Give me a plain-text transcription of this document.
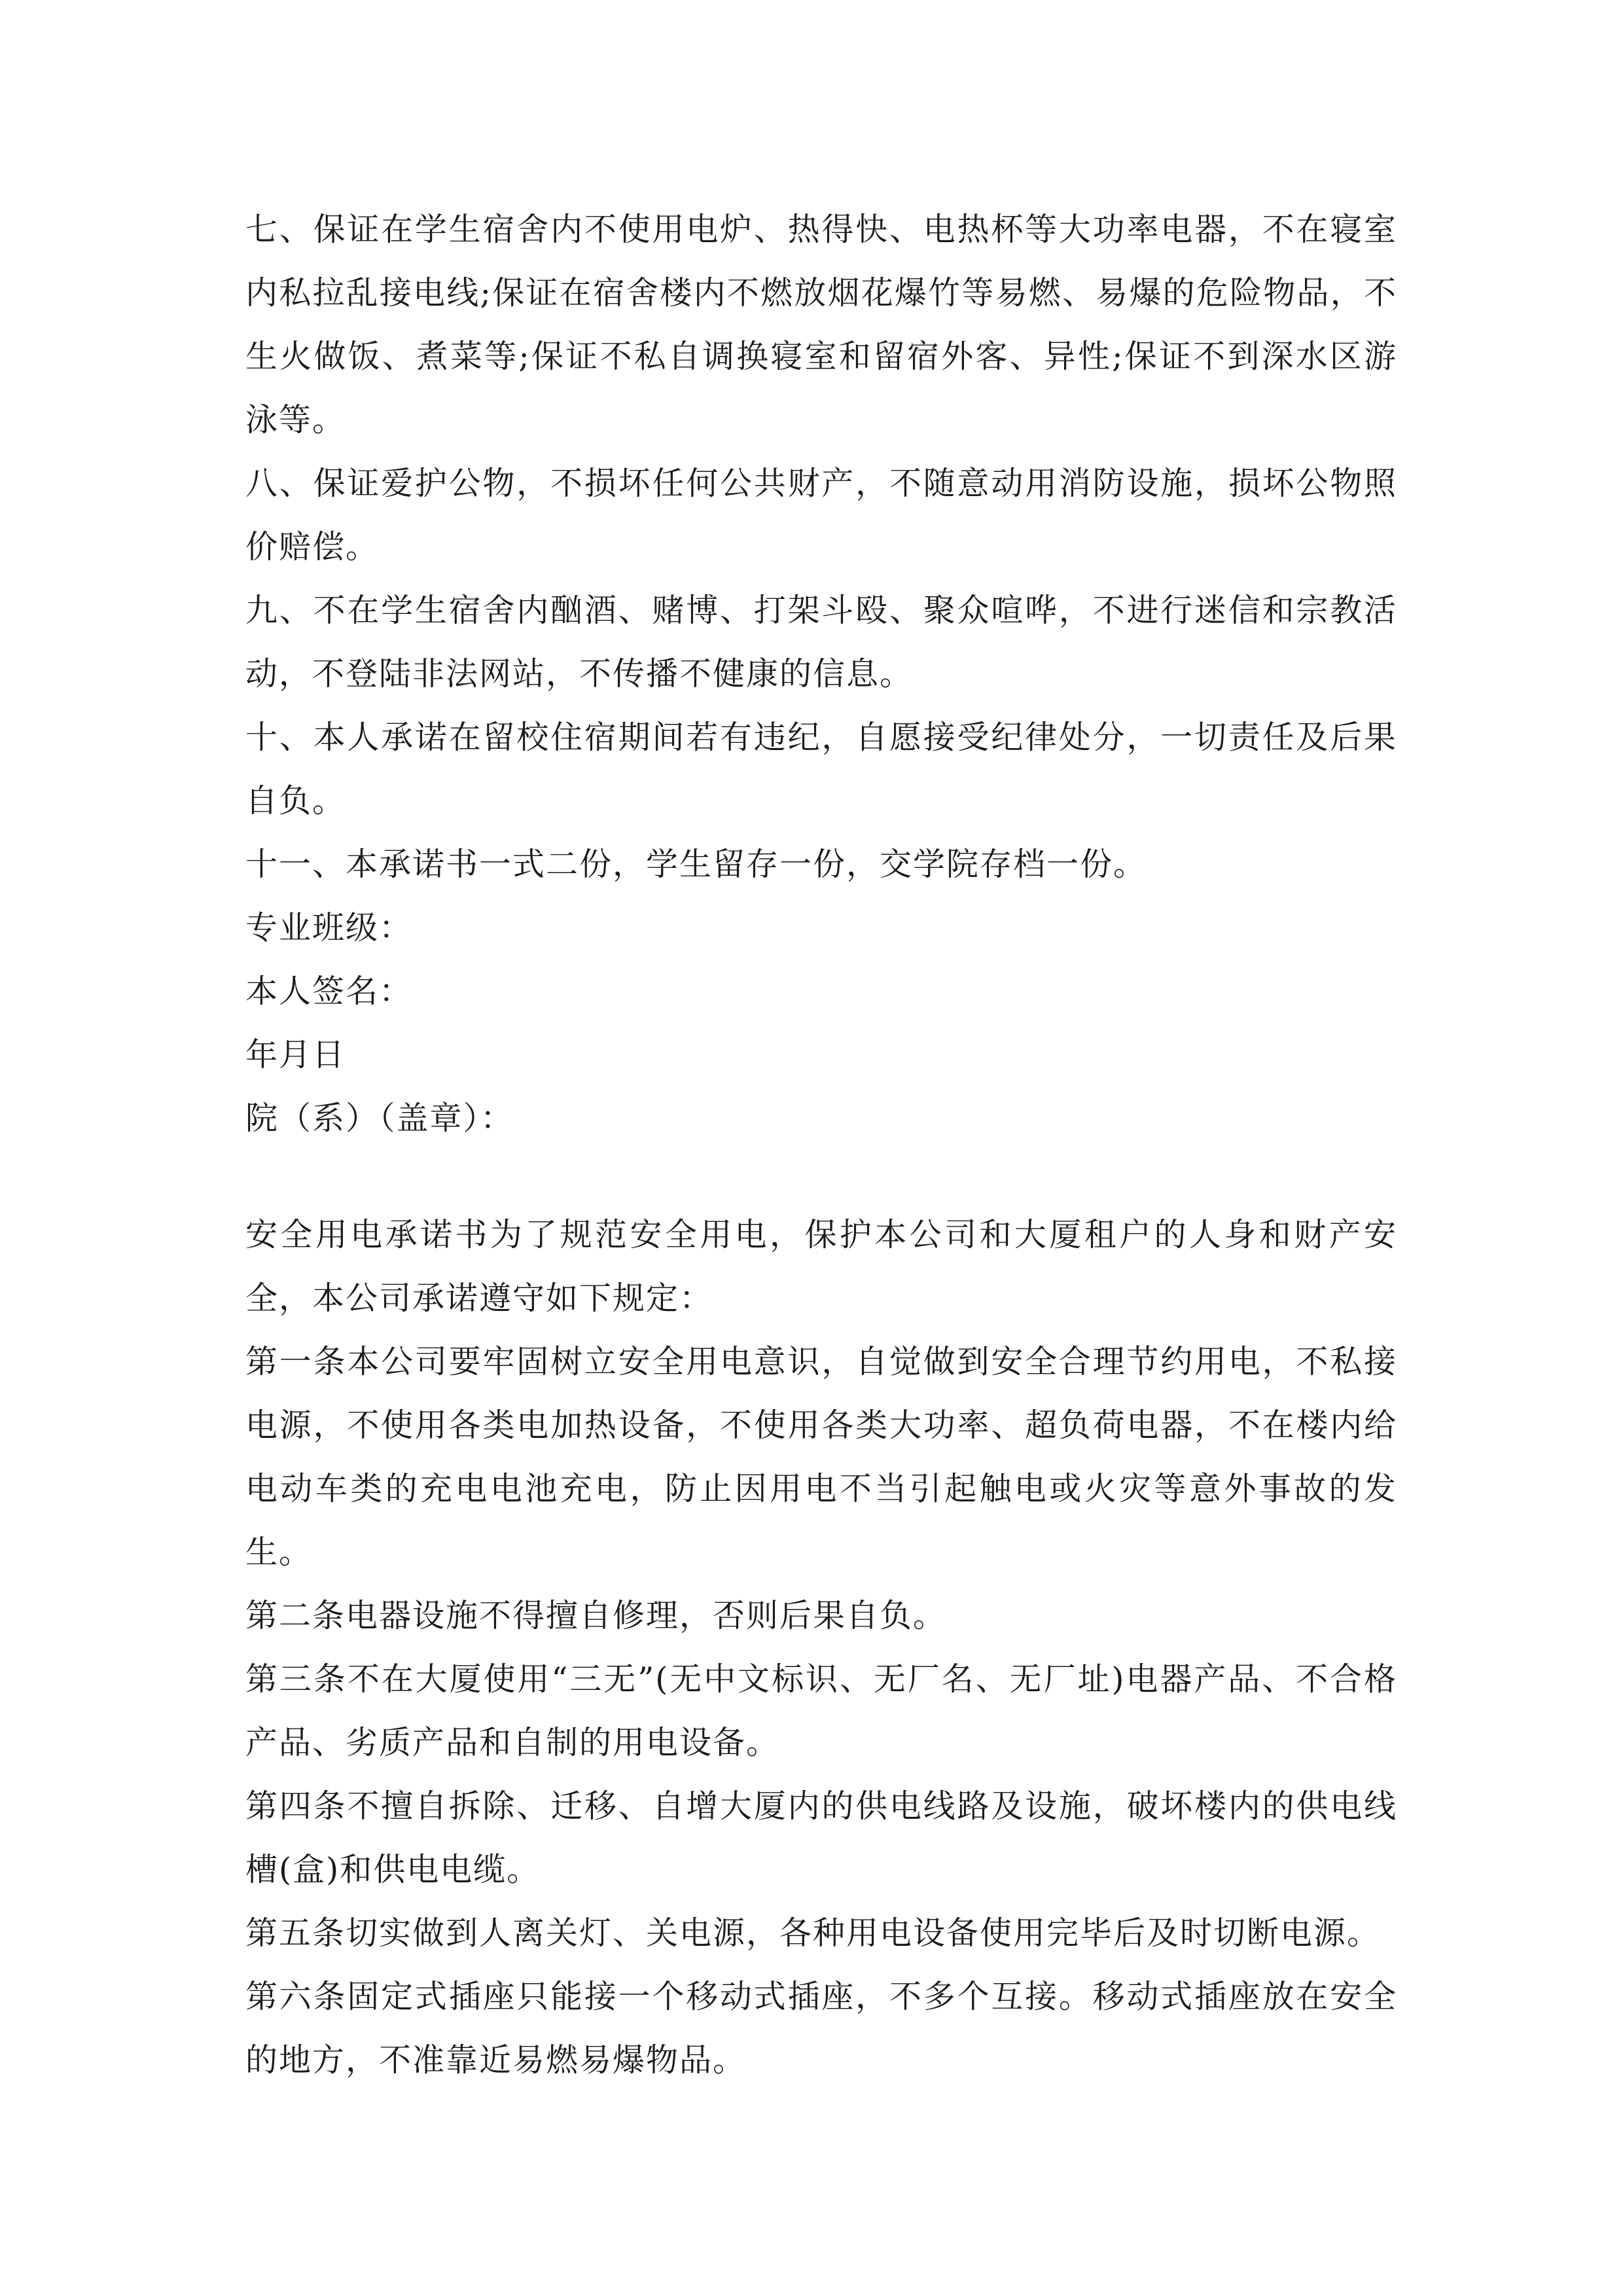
七、保证在学生宿舍内不使用电炉、热得快、电热杯等大功率电器，不在寝室内私拉乱接电线;保证在宿舍楼内不燃放烟花爆竹等易燃、易爆的危险物品，不生火做饭、煮菜等;保证不私自调换寝室和留宿外客、异性;保证不到深水区游泳等。

八、保证爱护公物，不损坏任何公共财产，不随意动用消防设施，损坏公物照价赔偿。

九、不在学生宿舍内酗酒、赌博、打架斗殴、聚众喧哗，不进行迷信和宗教活动，不登陆非法网站，不传播不健康的信息。

十、本人承诺在留校住宿期间若有违纪，自愿接受纪律处分，一切责任及后果自负。

十一、本承诺书一式二份，学生留存一份，交学院存档一份。

专业班级：

本人签名：

年月日

院（系）（盖章）：

安全用电承诺书为了规范安全用电，保护本公司和大厦租户的人身和财产安全，本公司承诺遵守如下规定：

第一条本公司要牢固树立安全用电意识，自觉做到安全合理节约用电，不私接电源，不使用各类电加热设备，不使用各类大功率、超负荷电器，不在楼内给电动车类的充电电池充电，防止因用电不当引起触电或火灾等意外事故的发生。

第二条电器设施不得擅自修理，否则后果自负。

第三条不在大厦使用“三无”(无中文标识、无厂名、无厂址)电器产品、不合格产品、劣质产品和自制的用电设备。

第四条不擅自拆除、迁移、自增大厦内的供电线路及设施，破坏楼内的供电线槽(盒)和供电电缆。

第五条切实做到人离关灯、关电源，各种用电设备使用完毕后及时切断电源。

第六条固定式插座只能接一个移动式插座，不多个互接。移动式插座放在安全的地方，不准靠近易燃易爆物品。
